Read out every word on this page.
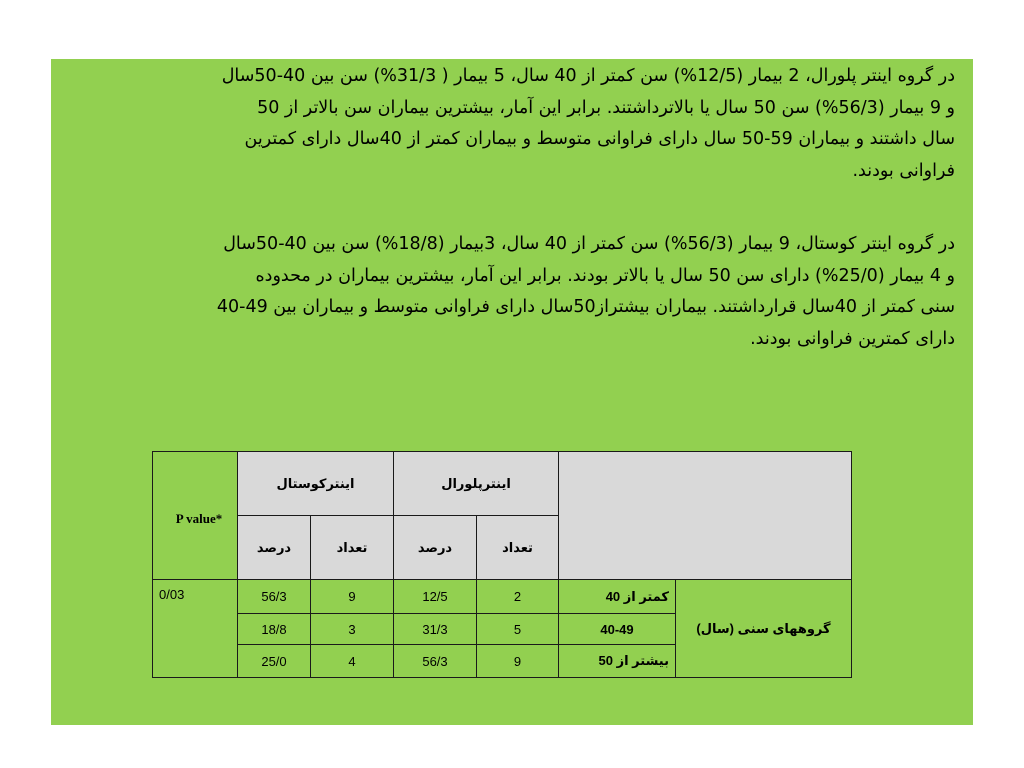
در گروه اینتر پلورال، 2 بیمار (12/5%) سن کمتر از 40 سال، 5 بیمار ( 31/3%) سن بین 40-50سال
و 9 بیمار (56/3%) سن 50 سال یا بالاترداشتند. برابر این آمار، بیشترین بیماران سن بالاتر از 50
سال داشتند و بیماران 59-50 سال دارای فراوانی متوسط و بیماران کمتر از 40سال دارای کمترین
فراوانی بودند.
در گروه اینتر کوستال، 9 بیمار (56/3%) سن کمتر از 40 سال، 3بیمار (18/8%) سن بین 40-50سال
و 4 بیمار (25/0%) دارای سن 50 سال یا بالاتر بودند. برابر این آمار، بیشترین بیماران در محدوده
سنی کمتر از 40سال قرارداشتند. بیماران بیشتراز50سال دارای فراوانی متوسط و بیماران بین 49-40
دارای کمترین فراوانی بودند.
P value*	اینترکوستال		اینترپلورال			
	درصد	تعداد	درصد	تعداد		
0/03	56/3	9	12/5	2	کمتر از 40	گروههای سنی (سال)
	18/8	3	31/3	5	40-49	
	25/0	4	56/3	9	بیشتر از 50	
